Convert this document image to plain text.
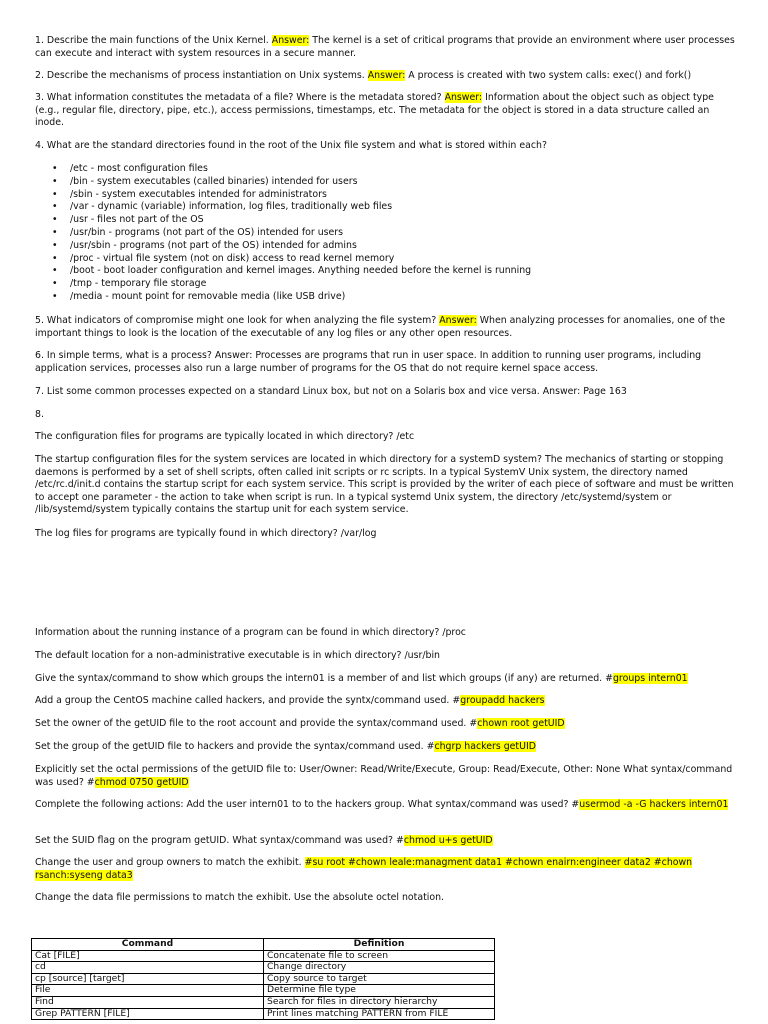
1. Describe the main functions of the Unix Kernel. Answer: The kernel is a set of critical programs that provide an environment where user processes can execute and interact with system resources in a secure manner.

2. Describe the mechanisms of process instantiation on Unix systems. Answer: A process is created with two system calls: exec() and fork()

3. What information constitutes the metadata of a file? Where is the metadata stored? Answer: Information about the object such as object type (e.g., regular file, directory, pipe, etc.), access permissions, timestamps, etc. The metadata for the object is stored in a data structure called an inode.

4. What are the standard directories found in the root of the Unix file system and what is stored within each?

• /etc - most configuration files
• /bin - system executables (called binaries) intended for users
• /sbin - system executables intended for administrators
• /var - dynamic (variable) information, log files, traditionally web files
• /usr - files not part of the OS
• /usr/bin - programs (not part of the OS) intended for users
• /usr/sbin - programs (not part of the OS) intended for admins
• /proc - virtual file system (not on disk) access to read kernel memory
• /boot - boot loader configuration and kernel images. Anything needed before the kernel is running
• /tmp - temporary file storage
• /media - mount point for removable media (like USB drive)

5. What indicators of compromise might one look for when analyzing the file system? Answer: When analyzing processes for anomalies, one of the important things to look is the location of the executable of any log files or any other open resources.

6. In simple terms, what is a process? Answer: Processes are programs that run in user space. In addition to running user programs, including application services, processes also run a large number of programs for the OS that do not require kernel space access.

7. List some common processes expected on a standard Linux box, but not on a Solaris box and vice versa. Answer: Page 163

8.

The configuration files for programs are typically located in which directory? /etc

The startup configuration files for the system services are located in which directory for a systemD system? The mechanics of starting or stopping daemons is performed by a set of shell scripts, often called init scripts or rc scripts. In a typical SystemV Unix system, the directory named /etc/rc.d/init.d contains the startup script for each system service. This script is provided by the writer of each piece of software and must be written to accept one parameter - the action to take when script is run. In a typical systemd Unix system, the directory /etc/systemd/system or /lib/systemd/system typically contains the startup unit for each system service.

The log files for programs are typically found in which directory? /var/log

Information about the running instance of a program can be found in which directory? /proc

The default location for a non-administrative executable is in which directory? /usr/bin

Give the syntax/command to show which groups the intern01 is a member of and list which groups (if any) are returned. #groups intern01

Add a group the CentOS machine called hackers, and provide the syntx/command used. #groupadd hackers

Set the owner of the getUID file to the root account and provide the syntax/command used. #chown root getUID

Set the group of the getUID file to hackers and provide the syntax/command used. #chgrp hackers getUID

Explicitly set the octal permissions of the getUID file to: User/Owner: Read/Write/Execute, Group: Read/Execute, Other: None What syntax/command was used? #chmod 0750 getUID

Complete the following actions: Add the user intern01 to to the hackers group. What syntax/command was used? #usermod -a -G hackers intern01

Set the SUID flag on the program getUID. What syntax/command was used? #chmod u+s getUID

Change the user and group owners to match the exhibit. #su root #chown leale:managment data1 #chown enairn:engineer data2 #chown rsanch:syseng data3

Change the data file permissions to match the exhibit. Use the absolute octel notation.

Command	Definition
Cat [FILE]	Concatenate file to screen
cd	Change directory
cp [source] [target]	Copy source to target
File	Determine file type
Find	Search for files in directory hierarchy
Grep PATTERN [FILE]	Print lines matching PATTERN from FILE
